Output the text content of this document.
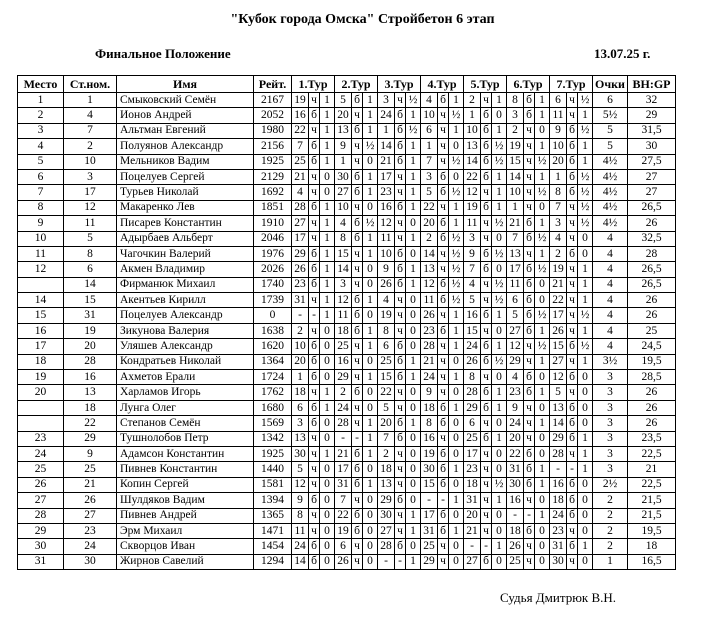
"Кубок города Омска" Стройбетон 6 этап
Финальное Положение	13.07.25 г.
Место	Ст.ном.	Имя	Рейт.	1.Тур			2.Тур			3.Тур			4.Тур			5.Тур			6.Тур			7.Тур			Очки	BH:GP
1	1	Смыковский Семён	2167	19	ч	1	5	б	1	3	ч	½	4	б	1	2	ч	1	8	б	1	6	ч	½	6	32
2	4	Ионов Андрей	2052	16	б	1	20	ч	1	24	б	1	10	ч	½	1	б	0	3	б	1	11	ч	1	5½	29
3	7	Альтман Евгений	1980	22	ч	1	13	б	1	1	б	½	6	ч	1	10	б	1	2	ч	0	9	б	½	5	31,5
4	2	Полуянов Александр	2156	7	б	1	9	ч	½	14	б	1	1	ч	0	13	б	½	19	ч	1	10	б	1	5	30
5	10	Мельников Вадим	1925	25	б	1	1	ч	0	21	б	1	7	ч	½	14	б	½	15	ч	½	20	б	1	4½	27,5
6	3	Поцелуев Сергей	2129	21	ч	0	30	б	1	17	ч	1	3	б	0	22	б	1	14	ч	1	1	б	½	4½	27
7	17	Турьев Николай	1692	4	ч	0	27	б	1	23	ч	1	5	б	½	12	ч	1	10	ч	½	8	б	½	4½	27
8	12	Макаренко Лев	1851	28	б	1	10	ч	0	16	б	1	22	ч	1	19	б	1	1	ч	0	7	ч	½	4½	26,5
9	11	Писарев Константин	1910	27	ч	1	4	б	½	12	ч	0	20	б	1	11	ч	½	21	б	1	3	ч	½	4½	26
10	5	Адырбаев Альберт	2046	17	ч	1	8	б	1	11	ч	1	2	б	½	3	ч	0	7	б	½	4	ч	0	4	32,5
11	8	Чагочкин Валерий	1976	29	б	1	15	ч	1	10	б	0	14	ч	½	9	б	½	13	ч	1	2	б	0	4	28
12	6	Акмен Владимир	2026	26	б	1	14	ч	0	9	б	1	13	ч	½	7	б	0	17	б	½	19	ч	1	4	26,5
	14	Фирманюк Михаил	1740	23	б	1	3	ч	0	26	б	1	12	б	½	4	ч	½	11	б	0	21	ч	1	4	26,5
14	15	Акентьев Кирилл	1739	31	ч	1	12	б	1	4	ч	0	11	б	½	5	ч	½	6	б	0	22	ч	1	4	26
15	31	Поцелуев Александр	0	-	-	1	11	б	0	19	ч	0	26	ч	1	16	б	1	5	б	½	17	ч	½	4	26
16	19	Зикунова Валерия	1638	2	ч	0	18	б	1	8	ч	0	23	б	1	15	ч	0	27	б	1	26	ч	1	4	25
17	20	Уляшев Александр	1620	10	б	0	25	ч	1	6	б	0	28	ч	1	24	б	1	12	ч	½	15	б	½	4	24,5
18	28	Кондратьев Николай	1364	20	б	0	16	ч	0	25	б	1	21	ч	0	26	б	½	29	ч	1	27	ч	1	3½	19,5
19	16	Ахметов Ерали	1724	1	б	0	29	ч	1	15	б	1	24	ч	1	8	ч	0	4	б	0	12	б	0	3	28,5
20	13	Харламов Игорь	1762	18	ч	1	2	б	0	22	ч	0	9	ч	0	28	б	1	23	б	1	5	ч	0	3	26
	18	Лунга Олег	1680	6	б	1	24	ч	0	5	ч	0	18	б	1	29	б	1	9	ч	0	13	б	0	3	26
	22	Степанов Семён	1569	3	б	0	28	ч	1	20	б	1	8	б	0	6	ч	0	24	ч	1	14	б	0	3	26
23	29	Тушнолобов Петр	1342	13	ч	0	-	-	1	7	б	0	16	ч	0	25	б	1	20	ч	0	29	б	1	3	23,5
24	9	Адамсон Константин	1925	30	ч	1	21	б	1	2	ч	0	19	б	0	17	ч	0	22	б	0	28	ч	1	3	22,5
25	25	Пивнев Константин	1440	5	ч	0	17	б	0	18	ч	0	30	б	1	23	ч	0	31	б	1	-	-	1	3	21
26	21	Копин Сергей	1581	12	ч	0	31	б	1	13	ч	0	15	б	0	18	ч	½	30	б	1	16	б	0	2½	22,5
27	26	Шулдяков Вадим	1394	9	б	0	7	ч	0	29	б	0	-	-	1	31	ч	1	16	ч	0	18	б	0	2	21,5
28	27	Пивнев Андрей	1365	8	ч	0	22	б	0	30	ч	1	17	б	0	20	ч	0	-	-	1	24	б	0	2	21,5
29	23	Эрм Михаил	1471	11	ч	0	19	б	0	27	ч	1	31	б	1	21	ч	0	18	б	0	23	ч	0	2	19,5
30	24	Скворцов Иван	1454	24	б	0	6	ч	0	28	б	0	25	ч	0	-	-	1	26	ч	0	31	б	1	2	18
31	30	Жирнов Савелий	1294	14	б	0	26	ч	0	-	-	1	29	ч	0	27	б	0	25	ч	0	30	ч	0	1	16,5
Судья Дмитрюк В.Н.
